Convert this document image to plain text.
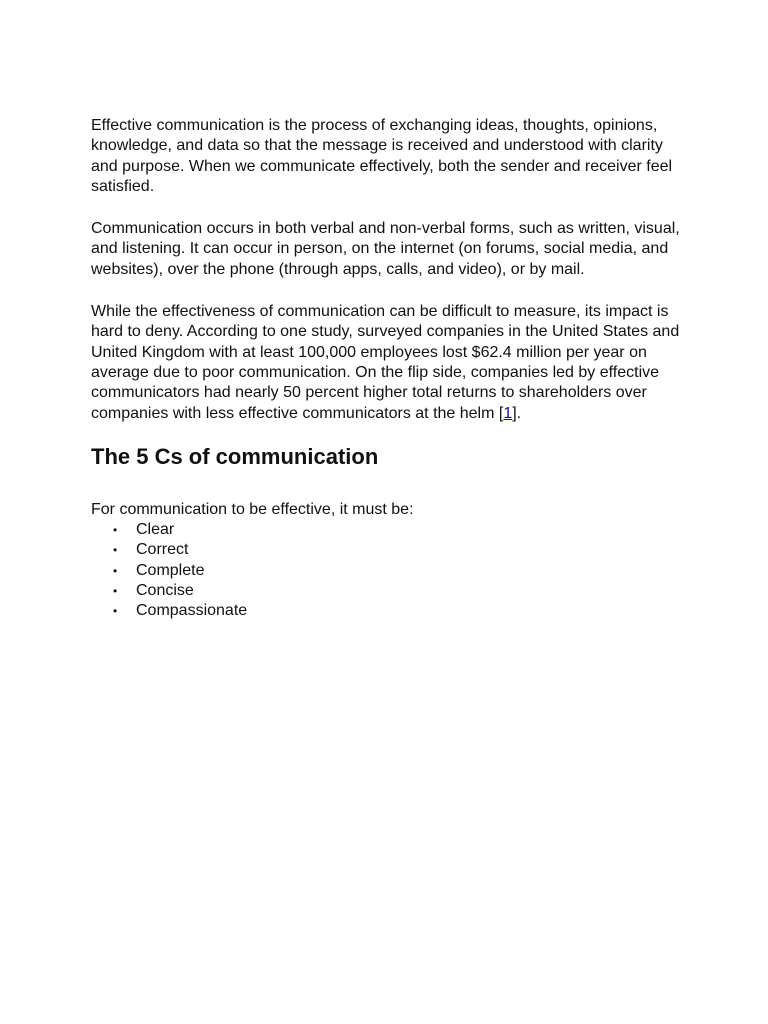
Effective communication is the process of exchanging ideas, thoughts, opinions, knowledge, and data so that the message is received and understood with clarity and purpose. When we communicate effectively, both the sender and receiver feel satisfied.

Communication occurs in both verbal and non-verbal forms, such as written, visual, and listening. It can occur in person, on the internet (on forums, social media, and websites), over the phone (through apps, calls, and video), or by mail.

While the effectiveness of communication can be difficult to measure, its impact is hard to deny. According to one study, surveyed companies in the United States and United Kingdom with at least 100,000 employees lost $62.4 million per year on average due to poor communication. On the flip side, companies led by effective communicators had nearly 50 percent higher total returns to shareholders over companies with less effective communicators at the helm [1].

The 5 Cs of communication

For communication to be effective, it must be:

• Clear
• Correct
• Complete
• Concise
• Compassionate
